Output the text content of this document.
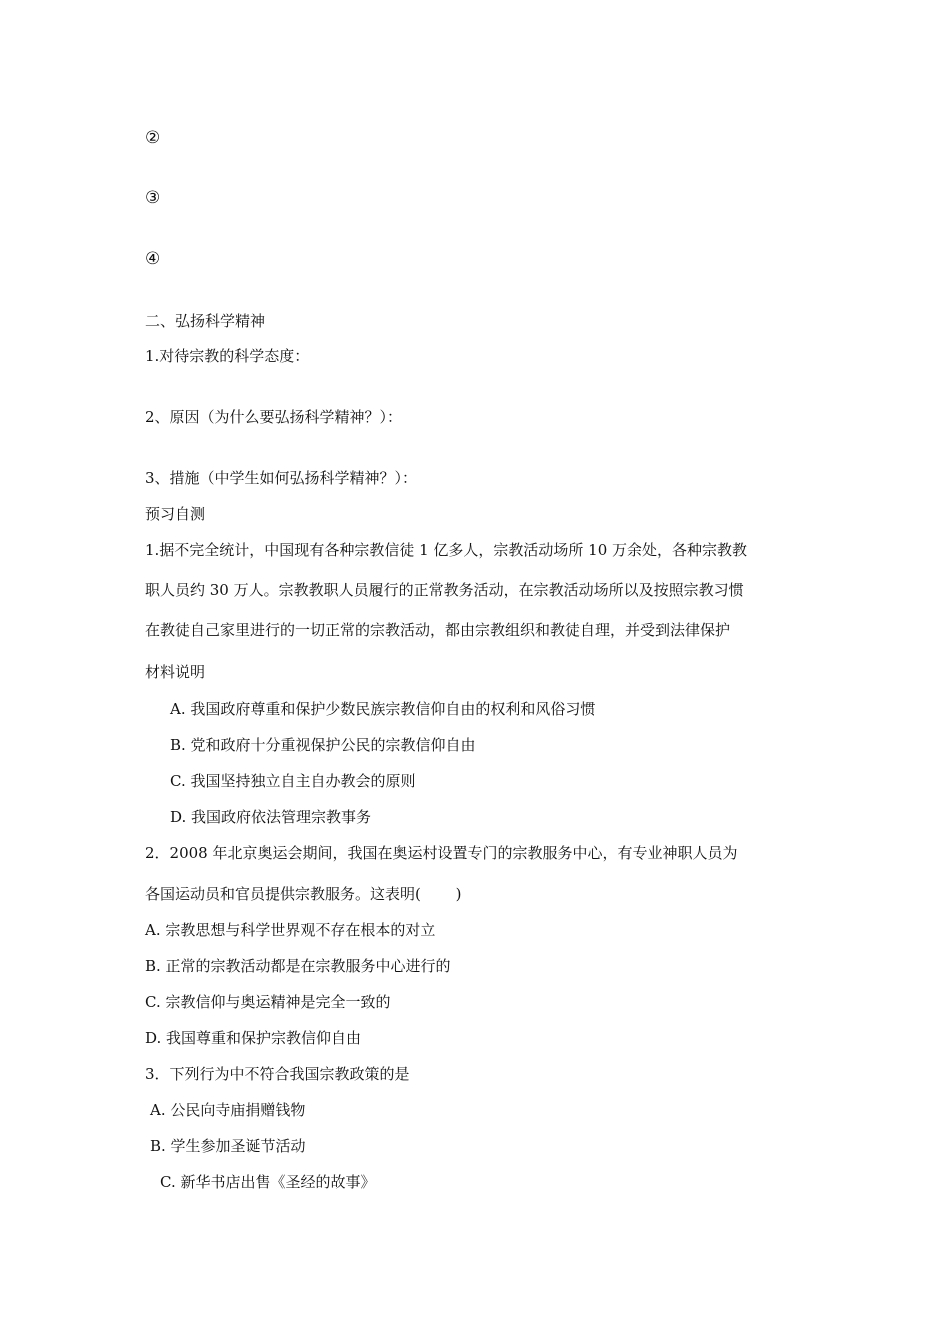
②
③
④
二、弘扬科学精神
1.对待宗教的科学态度：
2、原因（为什么要弘扬科学精神？）：
3、措施（中学生如何弘扬科学精神？）：
预习自测
1.据不完全统计，中国现有各种宗教信徒 1 亿多人，宗教活动场所 10 万余处，各种宗教教
职人员约 30 万人。宗教教职人员履行的正常教务活动，在宗教活动场所以及按照宗教习惯
在教徒自己家里进行的一切正常的宗教活动，都由宗教组织和教徒自理，并受到法律保护
材料说明
A. 我国政府尊重和保护少数民族宗教信仰自由的权利和风俗习惯
B. 党和政府十分重视保护公民的宗教信仰自由
C. 我国坚持独立自主自办教会的原则
D. 我国政府依法管理宗教事务
2．2008 年北京奥运会期间，我国在奥运村设置专门的宗教服务中心，有专业神职人员为
各国运动员和官员提供宗教服务。这表明(　　 )
A. 宗教思想与科学世界观不存在根本的对立
B. 正常的宗教活动都是在宗教服务中心进行的
C. 宗教信仰与奥运精神是完全一致的
D. 我国尊重和保护宗教信仰自由
3．下列行为中不符合我国宗教政策的是
A. 公民向寺庙捐赠钱物
B. 学生参加圣诞节活动
C. 新华书店出售《圣经的故事》
